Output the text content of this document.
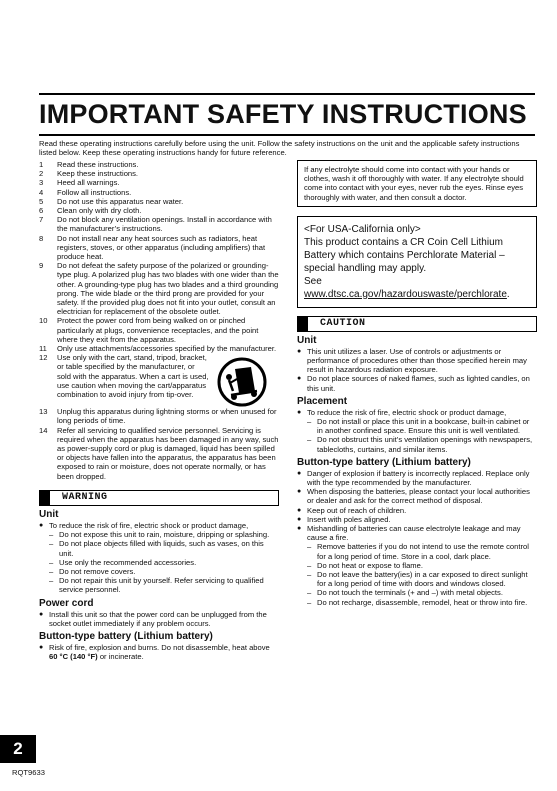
IMPORTANT SAFETY INSTRUCTIONS
Read these operating instructions carefully before using the unit. Follow the safety instructions on the unit and the applicable safety instructions listed below. Keep these operating instructions handy for future reference.
1	Read these instructions.
2	Keep these instructions.
3	Heed all warnings.
4	Follow all instructions.
5	Do not use this apparatus near water.
6	Clean only with dry cloth.
7	Do not block any ventilation openings. Install in accordance with the manufacturer’s instructions.
8	Do not install near any heat sources such as radiators, heat registers, stoves, or other apparatus (including amplifiers) that produce heat.
9	Do not defeat the safety purpose of the polarized or grounding-type plug. A polarized plug has two blades with one wider than the other. A grounding-type plug has two blades and a third grounding prong. The wide blade or the third prong are provided for your safety. If the provided plug does not fit into your outlet, consult an electrician for replacement of the obsolete outlet.
10	Protect the power cord from being walked on or pinched particularly at plugs, convenience receptacles, and the point where they exit from the apparatus.
11	Only use attachments/accessories specified by the manufacturer.
12	Use only with the cart, stand, tripod, bracket, or table specified by the manufacturer, or sold with the apparatus. When a cart is used, use caution when moving the cart/apparatus combination to avoid injury from tip-over.
13	Unplug this apparatus during lightning storms or when unused for long periods of time.
14	Refer all servicing to qualified service personnel. Servicing is required when the apparatus has been damaged in any way, such as power-supply cord or plug is damaged, liquid has been spilled or objects have fallen into the apparatus, the apparatus has been exposed to rain or moisture, does not operate normally, or has been dropped.
WARNING
Unit
● To reduce the risk of fire, electric shock or product damage,
– Do not expose this unit to rain, moisture, dripping or splashing.
– Do not place objects filled with liquids, such as vases, on this unit.
– Use only the recommended accessories.
– Do not remove covers.
– Do not repair this unit by yourself. Refer servicing to qualified service personnel.
Power cord
● Install this unit so that the power cord can be unplugged from the socket outlet immediately if any problem occurs.
Button-type battery (Lithium battery)
● Risk of fire, explosion and burns. Do not disassemble, heat above 60 °C (140 °F) or incinerate.
If any electrolyte should come into contact with your hands or clothes, wash it off thoroughly with water. If any electrolyte should come into contact with your eyes, never rub the eyes. Rinse eyes thoroughly with water, and then consult a doctor.
<For USA-California only>
This product contains a CR Coin Cell Lithium Battery which contains Perchlorate Material – special handling may apply.
See www.dtsc.ca.gov/hazardouswaste/perchlorate.
CAUTION
Unit
● This unit utilizes a laser. Use of controls or adjustments or performance of procedures other than those specified herein may result in hazardous radiation exposure.
● Do not place sources of naked flames, such as lighted candles, on this unit.
Placement
● To reduce the risk of fire, electric shock or product damage,
– Do not install or place this unit in a bookcase, built-in cabinet or in another confined space. Ensure this unit is well ventilated.
– Do not obstruct this unit’s ventilation openings with newspapers, tablecloths, curtains, and similar items.
Button-type battery (Lithium battery)
● Danger of explosion if battery is incorrectly replaced. Replace only with the type recommended by the manufacturer.
● When disposing the batteries, please contact your local authorities or dealer and ask for the correct method of disposal.
● Keep out of reach of children.
● Insert with poles aligned.
● Mishandling of batteries can cause electrolyte leakage and may cause a fire.
– Remove batteries if you do not intend to use the remote control for a long period of time. Store in a cool, dark place.
– Do not heat or expose to flame.
– Do not leave the battery(ies) in a car exposed to direct sunlight for a long period of time with doors and windows closed.
– Do not touch the terminals (+ and –) with metal objects.
– Do not recharge, disassemble, remodel, heat or throw into fire.
2
RQT9633
